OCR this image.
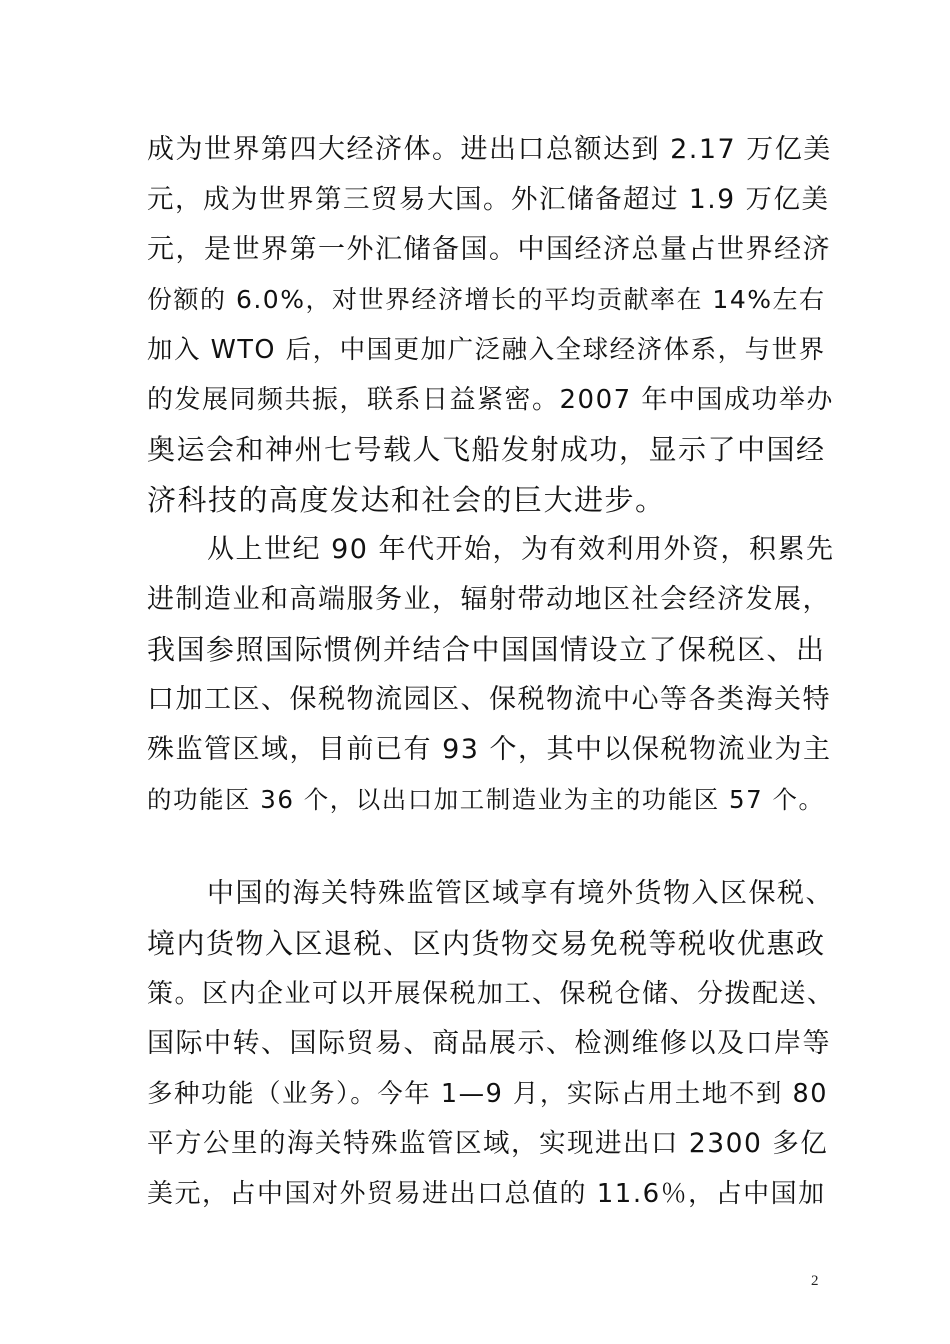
成为世界第四大经济体。进出口总额达到 2.17 万亿美
元，成为世界第三贸易大国。外汇储备超过 1.9 万亿美
元，是世界第一外汇储备国。中国经济总量占世界经济
份额的 6.0%，对世界经济增长的平均贡献率在 14%左右
加入 WTO 后，中国更加广泛融入全球经济体系，与世界
的发展同频共振，联系日益紧密。2007 年中国成功举办
奥运会和神州七号载人飞船发射成功，显示了中国经
济科技的高度发达和社会的巨大进步。
从上世纪 90 年代开始，为有效利用外资，积累先
进制造业和高端服务业，辐射带动地区社会经济发展，
我国参照国际惯例并结合中国国情设立了保税区、出
口加工区、保税物流园区、保税物流中心等各类海关特
殊监管区域，目前已有 93 个，其中以保税物流业为主
的功能区 36 个，以出口加工制造业为主的功能区 57 个。
中国的海关特殊监管区域享有境外货物入区保税、
境内货物入区退税、区内货物交易免税等税收优惠政
策。区内企业可以开展保税加工、保税仓储、分拨配送、
国际中转、国际贸易、商品展示、检测维修以及口岸等
多种功能（业务）。今年 1—9 月，实际占用土地不到 80
平方公里的海关特殊监管区域，实现进出口 2300 多亿
美元，占中国对外贸易进出口总值的 11.6％，占中国加
2
